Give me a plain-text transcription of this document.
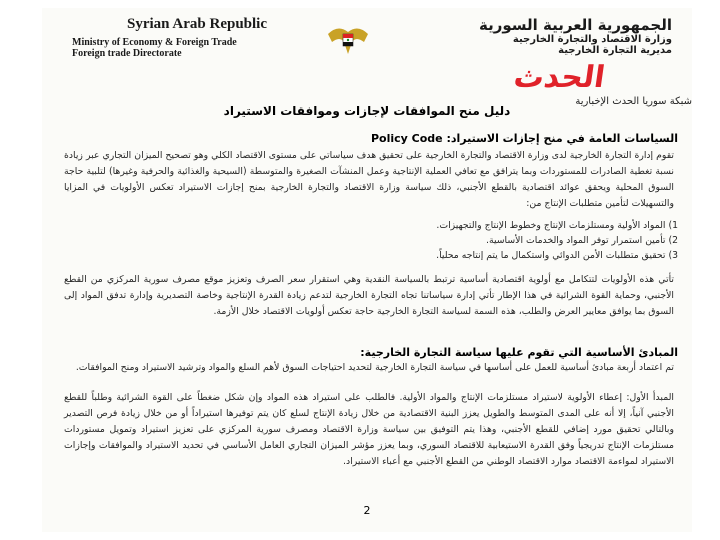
Syrian Arab Republic
Ministry of Economy & Foreign Trade
Foreign trade Directorate
الجمهورية العربية السورية
وزارة الاقتصاد والتجارة الخارجية
مديرية التجارة الخارجية
الحدث
شبكة سوريا الحدث الإخبارية
دليل منح الموافقات لإجازات وموافقات الاستيراد
السياسات العامة في منح إجازات الاستيراد: Policy Code
تقوم إدارة التجارة الخارجية لدى وزارة الاقتصاد والتجارة الخارجية على تحقيق هدف سياساتي على مستوى الاقتصاد الكلي وهو تصحيح الميزان التجاري عبر زيادة نسبة تغطية الصادرات للمستوردات وبما يترافق مع تعافي العملية الإنتاجية وعمل المنشآت الصغيرة والمتوسطة (السيحية والغذائية والحرفية وغيرها) لتلبية حاجة السوق المحلية ويحقق عوائد اقتصادية بالقطع الأجنبي، ذلك سياسة وزارة الاقتصاد والتجارة الخارجية بمنح إجازات الاستيراد تعكس الأولويات في المزايا والتسهيلات لتأمين متطلبات الإنتاج من:
1) المواد الأولية ومستلزمات الإنتاج وخطوط الإنتاج والتجهيزات.
2) تأمين استمرار توفر المواد والخدمات الأساسية.
3) تحقيق متطلبات الأمن الدوائي واستكمال ما يتم إنتاجه محلياً.
تأتي هذه الأولويات لتتكامل مع أولوية اقتصادية أساسية ترتبط بالسياسة النقدية وهي استقرار سعر الصرف وتعزيز موقع مصرف سورية المركزي من القطع الأجنبي، وحماية القوة الشرائية في هذا الإطار تأتي إدارة سياساتنا تجاه التجارة الخارجية لتدعم زيادة القدرة الإنتاجية وخاصة التصديرية وإدارة تدفق المواد إلى السوق بما يوافق معايير العرض والطلب، هذه السمة لسياسة التجارة الخارجية حاجة تعكس أولويات الاقتصاد خلال الأزمة.
المبادئ الأساسية التي تقوم عليها سياسة التجارة الخارجية:
تم اعتماد أربعة مبادئ أساسية للعمل على أساسها في سياسة التجارة الخارجية لتحديد احتياجات السوق لأهم السلع والمواد وترشيد الاستيراد ومنح الموافقات.
المبدأ الأول: إعطاء الأولوية لاستيراد مستلزمات الإنتاج والمواد الأولية. فالطلب على استيراد هذه المواد وإن شكل ضغطاً على القوة الشرائية وطلباً للقطع الأجنبي آنياً، إلا أنه على المدى المتوسط والطويل يعزز البنية الاقتصادية من خلال زيادة الإنتاج لسلع كان يتم توفيرها استيراداً أو من خلال زيادة فرص التصدير وبالتالي تحقيق مورد إضافي للقطع الأجنبي، وهذا يتم التوفيق بين سياسة وزارة الاقتصاد ومصرف سورية المركزي على تعزيز استيراد وتمويل مستوردات مستلزمات الإنتاج تدريجياً وفق القدرة الاستيعابية للاقتصاد السوري، وبما يعزز مؤشر الميزان التجاري العامل الأساسي في تحديد الاستيراد والموافقات وإجازات الاستيراد لمواءمة الاقتصاد موارد الاقتصاد الوطني من القطع الأجنبي مع أعباء الاستيراد.
2
